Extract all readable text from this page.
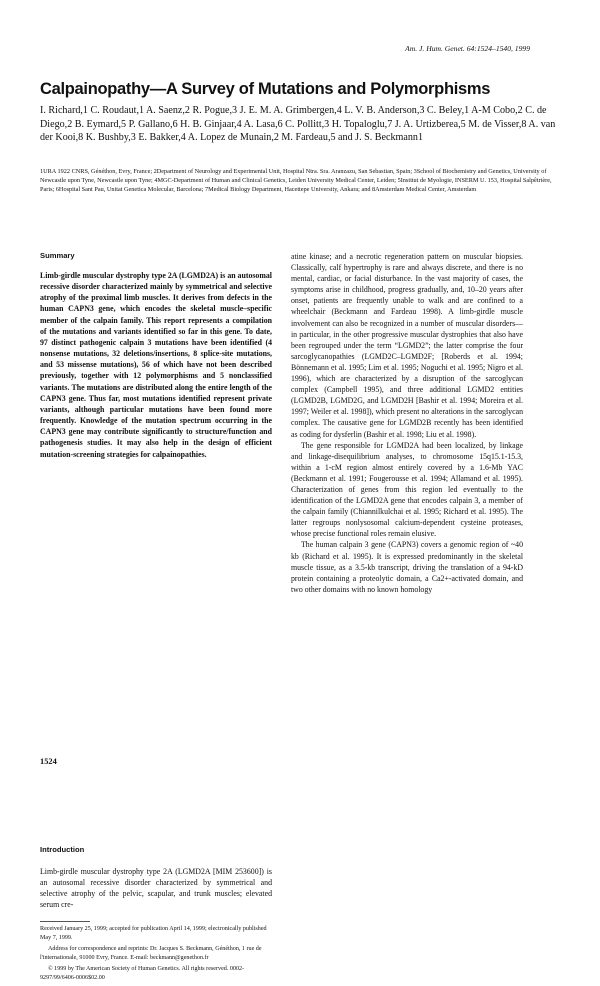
Am. J. Hum. Genet. 64:1524–1540, 1999
Calpainopathy—A Survey of Mutations and Polymorphisms
I. Richard,1 C. Roudaut,1 A. Saenz,2 R. Pogue,3 J. E. M. A. Grimbergen,4 L. V. B. Anderson,3 C. Beley,1 A-M Cobo,2 C. de Diego,2 B. Eymard,5 P. Gallano,6 H. B. Ginjaar,4 A. Lasa,6 C. Pollitt,3 H. Topaloglu,7 J. A. Urtizberea,5 M. de Visser,8 A. van der Kooi,8 K. Bushby,3 E. Bakker,4 A. Lopez de Munain,2 M. Fardeau,5 and J. S. Beckmann1
1URA 1922 CNRS, Généthon, Evry, France; 2Department of Neurology and Experimental Unit, Hospital Ntra. Sra. Aranzazu, San Sebastian, Spain; 3School of Biochemistry and Genetics, University of Newcastle upon Tyne, Newcastle upon Tyne; 4MGC-Department of Human and Clinical Genetics, Leiden University Medical Center, Leiden; 5Institut de Myologie, INSERM U. 153, Hospital Salpêtrière, Paris; 6Hospital Sant Pau, Unitat Genetica Molecular, Barcelona; 7Medical Biology Department, Hacettepe University, Ankara; and 8Amsterdam Medical Center, Amsterdam
Summary

Limb-girdle muscular dystrophy type 2A (LGMD2A) is an autosomal recessive disorder characterized mainly by symmetrical and selective atrophy of the proximal limb muscles. It derives from defects in the human CAPN3 gene, which encodes the skeletal muscle–specific member of the calpain family. This report represents a compilation of the mutations and variants identified so far in this gene. To date, 97 distinct pathogenic calpain 3 mutations have been identified (4 nonsense mutations, 32 deletions/insertions, 8 splice-site mutations, and 53 missense mutations), 56 of which have not been described previously, together with 12 polymorphisms and 5 nonclassified variants. The mutations are distributed along the entire length of the CAPN3 gene. Thus far, most mutations identified represent private variants, although particular mutations have been found more frequently. Knowledge of the mutation spectrum occurring in the CAPN3 gene may contribute significantly to structure/function and pathogenesis studies. It may also help in the design of efficient mutation-screening strategies for calpainopathies.

Introduction

Limb-girdle muscular dystrophy type 2A (LGMD2A [MIM 253600]) is an autosomal recessive disorder characterized by symmetrical and selective atrophy of the pelvic, scapular, and trunk muscles; elevated serum cre-

Received January 25, 1999; accepted for publication April 14, 1999; electronically published May 7, 1999.

Address for correspondence and reprints: Dr. Jacques S. Beckmann, Généthon, 1 rue de l'internationale, 91000 Evry, France. E-mail: beckmann@genethon.fr

© 1999 by The American Society of Human Genetics. All rights reserved. 0002-9297/99/6406-0006$02.00

atine kinase; and a necrotic regeneration pattern on muscular biopsies. Classically, calf hypertrophy is rare and always discrete, and there is no mental, cardiac, or facial disturbance. In the vast majority of cases, the symptoms arise in childhood, progress gradually, and, 10–20 years after onset, patients are frequently unable to walk and are confined to a wheelchair (Beckmann and Fardeau 1998). A limb-girdle muscle involvement can also be recognized in a number of muscular disorders—in particular, in the other progressive muscular dystrophies that also have been regrouped under the term “LGMD2”; the latter comprise the four sarcoglycanopathies (LGMD2C–LGMD2F; [Roberds et al. 1994; Bönnemann et al. 1995; Lim et al. 1995; Noguchi et al. 1995; Nigro et al. 1996), which are characterized by a disruption of the sarcoglycan complex (Campbell 1995), and three additional LGMD2 entities (LGMD2B, LGMD2G, and LGMD2H [Bashir et al. 1994; Moreira et al. 1997; Weiler et al. 1998]), which present no alterations in the sarcoglycan complex. The causative gene for LGMD2B recently has been identified as coding for dysferlin (Bashir et al. 1998; Liu et al. 1998).

The gene responsible for LGMD2A had been localized, by linkage and linkage-disequilibrium analyses, to chromosome 15q15.1-15.3, within a 1-cM region almost entirely covered by a 1.6-Mb YAC (Beckmann et al. 1991; Fougerousse et al. 1994; Allamand et al. 1995). Characterization of genes from this region led eventually to the identification of the LGMD2A gene that encodes calpain 3, a member of the calpain family (Chiannilkulchai et al. 1995; Richard et al. 1995). The latter regroups nonlysosomal calcium-dependent cysteine proteases, whose precise functional roles remain elusive.

The human calpain 3 gene (CAPN3) covers a genomic region of ~40 kb (Richard et al. 1995). It is expressed predominantly in the skeletal muscle tissue, as a 3.5-kb transcript, driving the translation of a 94-kD protein containing a proteolytic domain, a Ca2+-activated domain, and two other domains with no known homology

1524
